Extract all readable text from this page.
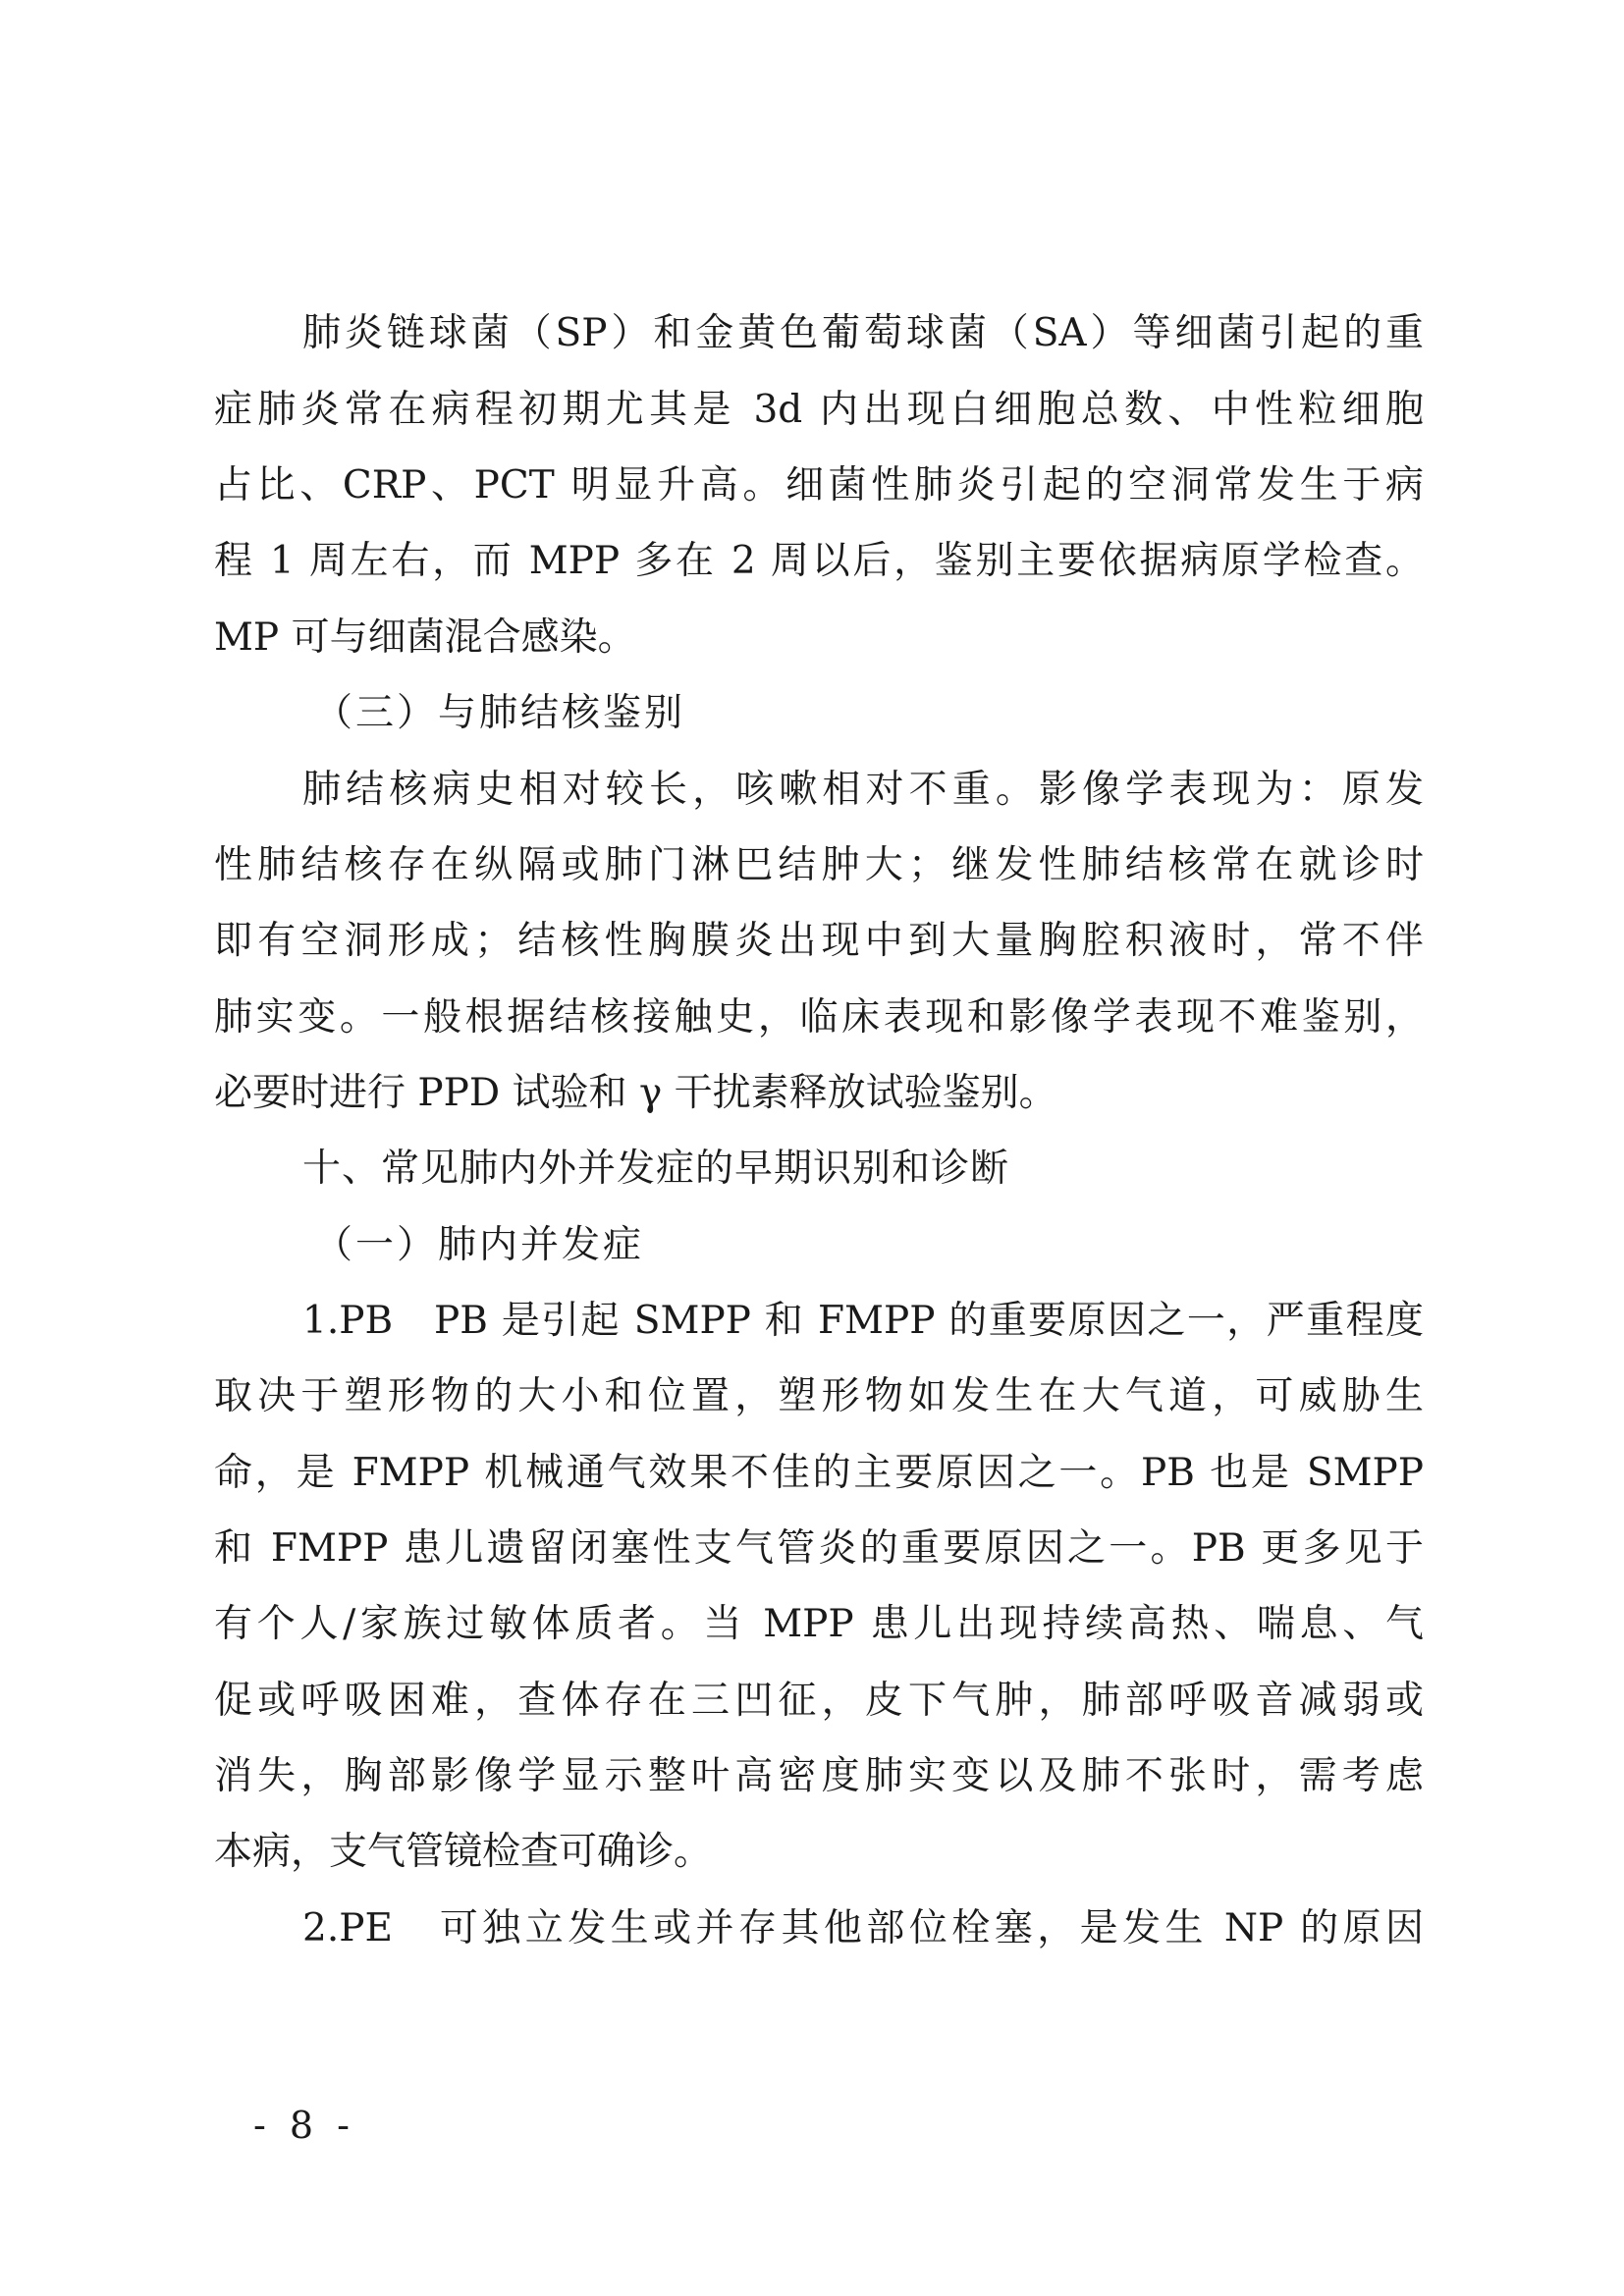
肺炎链球菌（SP）和金黄色葡萄球菌（SA）等细菌引起的重
症肺炎常在病程初期尤其是 3d 内出现白细胞总数、中性粒细胞
占比、CRP、PCT 明显升高。细菌性肺炎引起的空洞常发生于病
程 1 周左右，而 MPP 多在 2 周以后，鉴别主要依据病原学检查。
MP 可与细菌混合感染。
（三）与肺结核鉴别
肺结核病史相对较长，咳嗽相对不重。影像学表现为：原发
性肺结核存在纵隔或肺门淋巴结肿大；继发性肺结核常在就诊时
即有空洞形成；结核性胸膜炎出现中到大量胸腔积液时，常不伴
肺实变。一般根据结核接触史，临床表现和影像学表现不难鉴别，
必要时进行 PPD 试验和 γ 干扰素释放试验鉴别。
十、常见肺内外并发症的早期识别和诊断
（一）肺内并发症
1.PB　PB 是引起 SMPP 和 FMPP 的重要原因之一，严重程度
取决于塑形物的大小和位置，塑形物如发生在大气道，可威胁生
命，是 FMPP 机械通气效果不佳的主要原因之一。PB 也是 SMPP
和 FMPP 患儿遗留闭塞性支气管炎的重要原因之一。PB 更多见于
有个人/家族过敏体质者。当 MPP 患儿出现持续高热、喘息、气
促或呼吸困难，查体存在三凹征，皮下气肿，肺部呼吸音减弱或
消失，胸部影像学显示整叶高密度肺实变以及肺不张时，需考虑
本病，支气管镜检查可确诊。
2.PE　可独立发生或并存其他部位栓塞，是发生 NP 的原因
- 8 -
